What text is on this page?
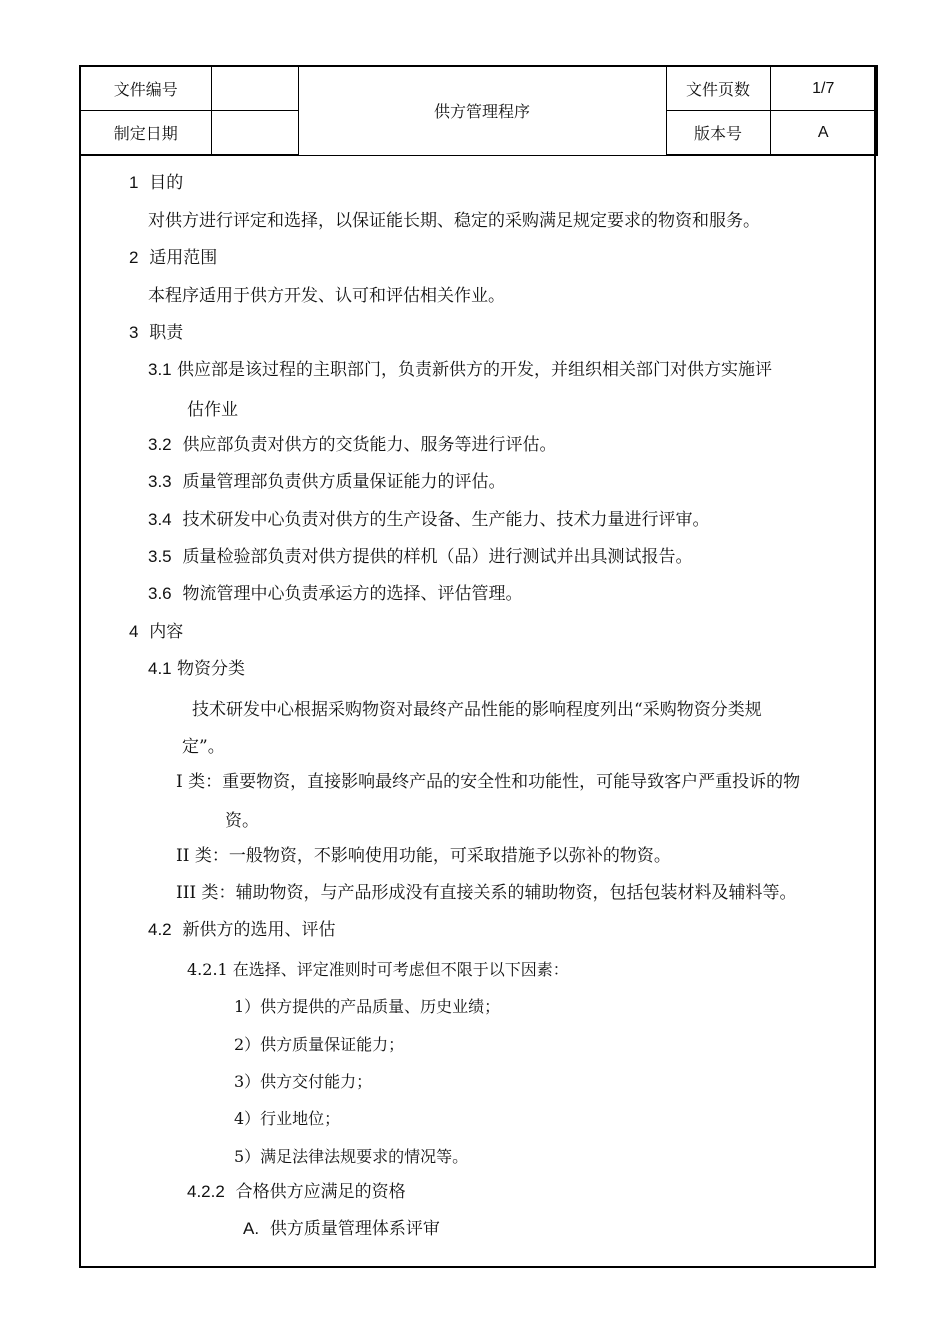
文件编号		供方管理程序	文件页数	1/7
制定日期			版本号	A
1 目的
对供方进行评定和选择，以保证能长期、稳定的采购满足规定要求的物资和服务。
2 适用范围
本程序适用于供方开发、认可和评估相关作业。
3 职责
3.1 供应部是该过程的主职部门，负责新供方的开发，并组织相关部门对供方实施评
估作业
3.2 供应部负责对供方的交货能力、服务等进行评估。
3.3 质量管理部负责供方质量保证能力的评估。
3.4 技术研发中心负责对供方的生产设备、生产能力、技术力量进行评审。
3.5 质量检验部负责对供方提供的样机（品）进行测试并出具测试报告。
3.6 物流管理中心负责承运方的选择、评估管理。
4 内容
4.1 物资分类
技术研发中心根据采购物资对最终产品性能的影响程度列出“采购物资分类规
定”。
I 类：重要物资，直接影响最终产品的安全性和功能性，可能导致客户严重投诉的物
资。
II 类：一般物资，不影响使用功能，可采取措施予以弥补的物资。
III 类：辅助物资，与产品形成没有直接关系的辅助物资，包括包装材料及辅料等。
4.2 新供方的选用、评估
4.2.1 在选择、评定准则时可考虑但不限于以下因素：
1）供方提供的产品质量、历史业绩；
2）供方质量保证能力；
3）供方交付能力；
4）行业地位；
5）满足法律法规要求的情况等。
4.2.2 合格供方应满足的资格
A. 供方质量管理体系评审
